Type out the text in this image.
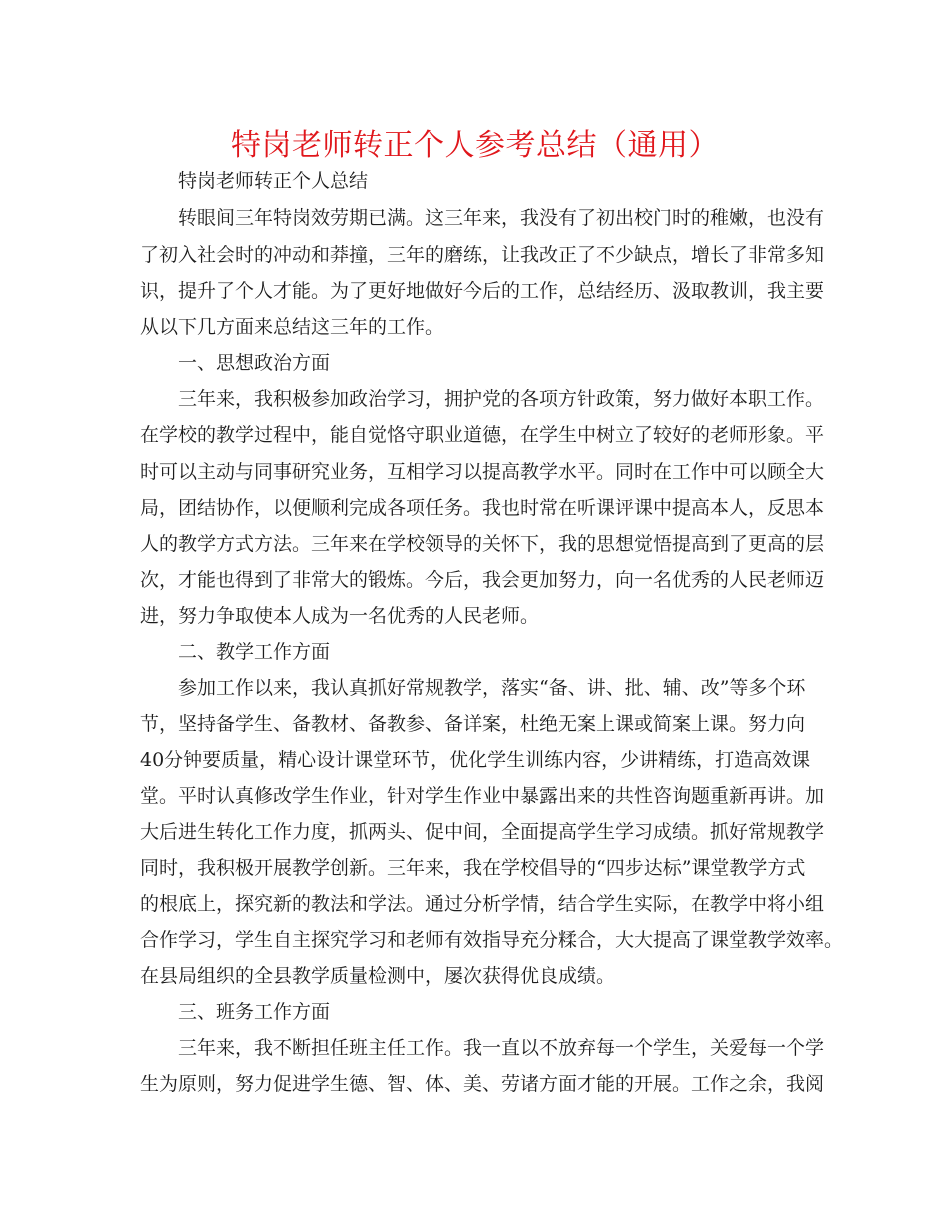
特岗老师转正个人参考总结（通用）
特岗老师转正个人总结
转眼间三年特岗效劳期已满。这三年来，我没有了初出校门时的稚嫩，也没有
了初入社会时的冲动和莽撞，三年的磨练，让我改正了不少缺点，增长了非常多知
识，提升了个人才能。为了更好地做好今后的工作，总结经历、汲取教训，我主要
从以下几方面来总结这三年的工作。
一、思想政治方面
三年来，我积极参加政治学习，拥护党的各项方针政策，努力做好本职工作。
在学校的教学过程中，能自觉恪守职业道德，在学生中树立了较好的老师形象。平
时可以主动与同事研究业务，互相学习以提高教学水平。同时在工作中可以顾全大
局，团结协作，以便顺利完成各项任务。我也时常在听课评课中提高本人，反思本
人的教学方式方法。三年来在学校领导的关怀下，我的思想觉悟提高到了更高的层
次，才能也得到了非常大的锻炼。今后，我会更加努力，向一名优秀的人民老师迈
进，努力争取使本人成为一名优秀的人民老师。
二、教学工作方面
参加工作以来，我认真抓好常规教学，落实“备、讲、批、辅、改”等多个环
节，坚持备学生、备教材、备教参、备详案，杜绝无案上课或简案上课。努力向
40分钟要质量，精心设计课堂环节，优化学生训练内容，少讲精练，打造高效课
堂。平时认真修改学生作业，针对学生作业中暴露出来的共性咨询题重新再讲。加
大后进生转化工作力度，抓两头、促中间，全面提高学生学习成绩。抓好常规教学
同时，我积极开展教学创新。三年来，我在学校倡导的“四步达标”课堂教学方式
的根底上，探究新的教法和学法。通过分析学情，结合学生实际，在教学中将小组
合作学习，学生自主探究学习和老师有效指导充分糅合，大大提高了课堂教学效率。
在县局组织的全县教学质量检测中，屡次获得优良成绩。
三、班务工作方面
三年来，我不断担任班主任工作。我一直以不放弃每一个学生，关爱每一个学
生为原则，努力促进学生德、智、体、美、劳诸方面才能的开展。工作之余，我阅
